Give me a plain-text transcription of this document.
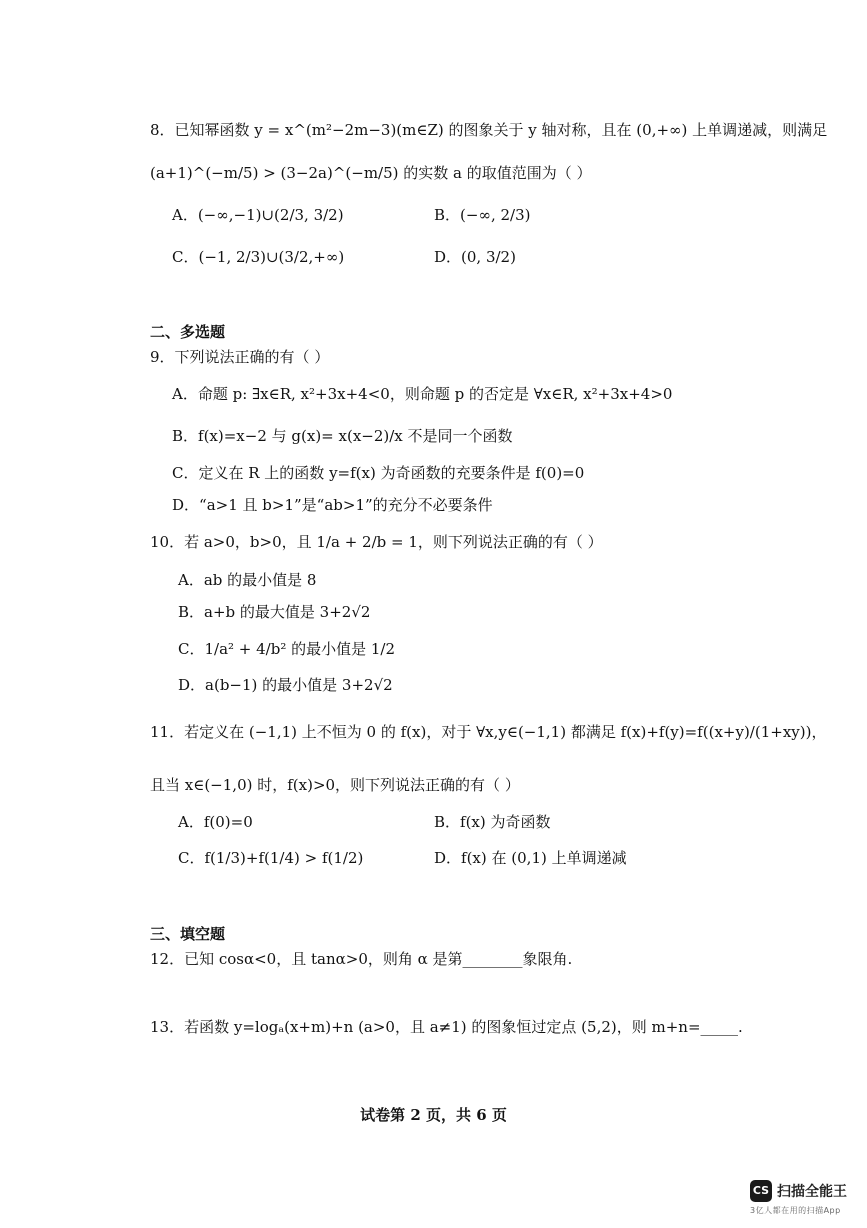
8．已知幂函数 y = x^(m²−2m−3)(m∈Z) 的图象关于 y 轴对称，且在 (0,+∞) 上单调递减，则满足
(a+1)^(−m/5) > (3−2a)^(−m/5) 的实数 a 的取值范围为（ ）
A．(−∞,−1)∪(2/3, 3/2)	B．(−∞, 2/3)
C．(−1, 2/3)∪(3/2,+∞)	D．(0, 3/2)
二、多选题
9．下列说法正确的有（ ）
A．命题 p: ∃x∈R, x²+3x+4<0，则命题 p 的否定是 ∀x∈R, x²+3x+4>0
B．f(x)=x−2 与 g(x)= x(x−2)/x 不是同一个函数
C．定义在 R 上的函数 y=f(x) 为奇函数的充要条件是 f(0)=0
D．“a>1 且 b>1”是“ab>1”的充分不必要条件
10．若 a>0，b>0，且 1/a + 2/b = 1，则下列说法正确的有（ ）
A．ab 的最小值是 8
B．a+b 的最大值是 3+2√2
C．1/a² + 4/b² 的最小值是 1/2
D．a(b−1) 的最小值是 3+2√2
11．若定义在 (−1,1) 上不恒为 0 的 f(x)，对于 ∀x,y∈(−1,1) 都满足 f(x)+f(y)=f((x+y)/(1+xy))，
且当 x∈(−1,0) 时，f(x)>0，则下列说法正确的有（ ）
A．f(0)=0	B．f(x) 为奇函数
C．f(1/3)+f(1/4) > f(1/2)	D．f(x) 在 (0,1) 上单调递减
三、填空题
12．已知 cosα<0，且 tanα>0，则角 α 是第________象限角.
13．若函数 y=logₐ(x+m)+n (a>0，且 a≠1) 的图象恒过定点 (5,2)，则 m+n=_____.
试卷第 2 页，共 6 页
CS 扫描全能王
3亿人都在用的扫描App
